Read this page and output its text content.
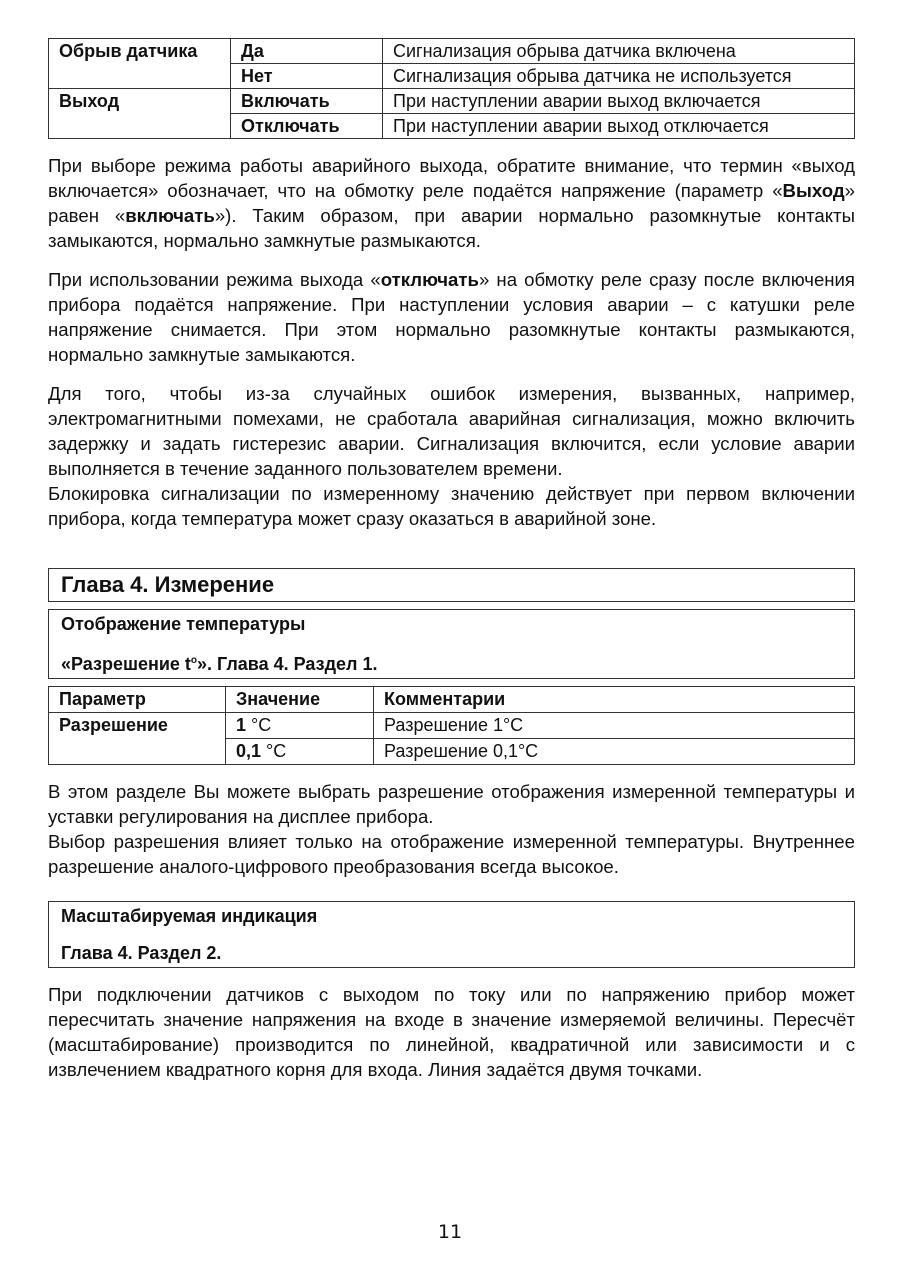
Обрыв датчика	Да	Сигнализация обрыва датчика включена
	Нет	Сигнализация обрыва датчика не используется
Выход	Включать	При наступлении аварии выход включается
	Отключать	При наступлении аварии выход отключается

При выборе режима работы аварийного выхода, обратите внимание, что термин «выход включается» обозначает, что на обмотку реле подаётся напряжение (параметр «Выход» равен «включать»). Таким образом, при аварии нормально разомкнутые контакты замыкаются, нормально замкнутые размыкаются.

При использовании режима выхода «отключать» на обмотку реле сразу после включения прибора подаётся напряжение. При наступлении условия аварии – с катушки реле напряжение снимается. При этом нормально разомкнутые контакты размыкаются, нормально замкнутые замыкаются.

Для того, чтобы из-за случайных ошибок измерения, вызванных, например, электромагнитными помехами, не сработала аварийная сигнализация, можно включить задержку и задать гистерезис аварии. Сигнализация включится, если условие аварии выполняется в течение заданного пользователем времени.

Блокировка сигнализации по измеренному значению действует при первом включении прибора, когда температура может сразу оказаться в аварийной зоне.

Глава 4. Измерение
Отображение температуры
«Разрешение $t^o$». Глава 4. Раздел 1.
Параметр	Значение	Комментарии
Разрешение	1 °C	Разрешение 1°C
	0,1 °C	Разрешение 0,1°C

В этом разделе Вы можете выбрать разрешение отображения измеренной температуры и уставки регулирования на дисплее прибора.

Выбор разрешения влияет только на отображение измеренной температуры. Внутреннее разрешение аналого-цифрового преобразования всегда высокое.

Масштабируемая индикация
Глава 4. Раздел 2.

При подключении датчиков с выходом по току или по напряжению прибор может пересчитать значение напряжения на входе в значение измеряемой величины. Пересчёт (масштабирование) производится по линейной, квадратичной или зависимости и с извлечением квадратного корня для входа. Линия задаётся двумя точками.

11
